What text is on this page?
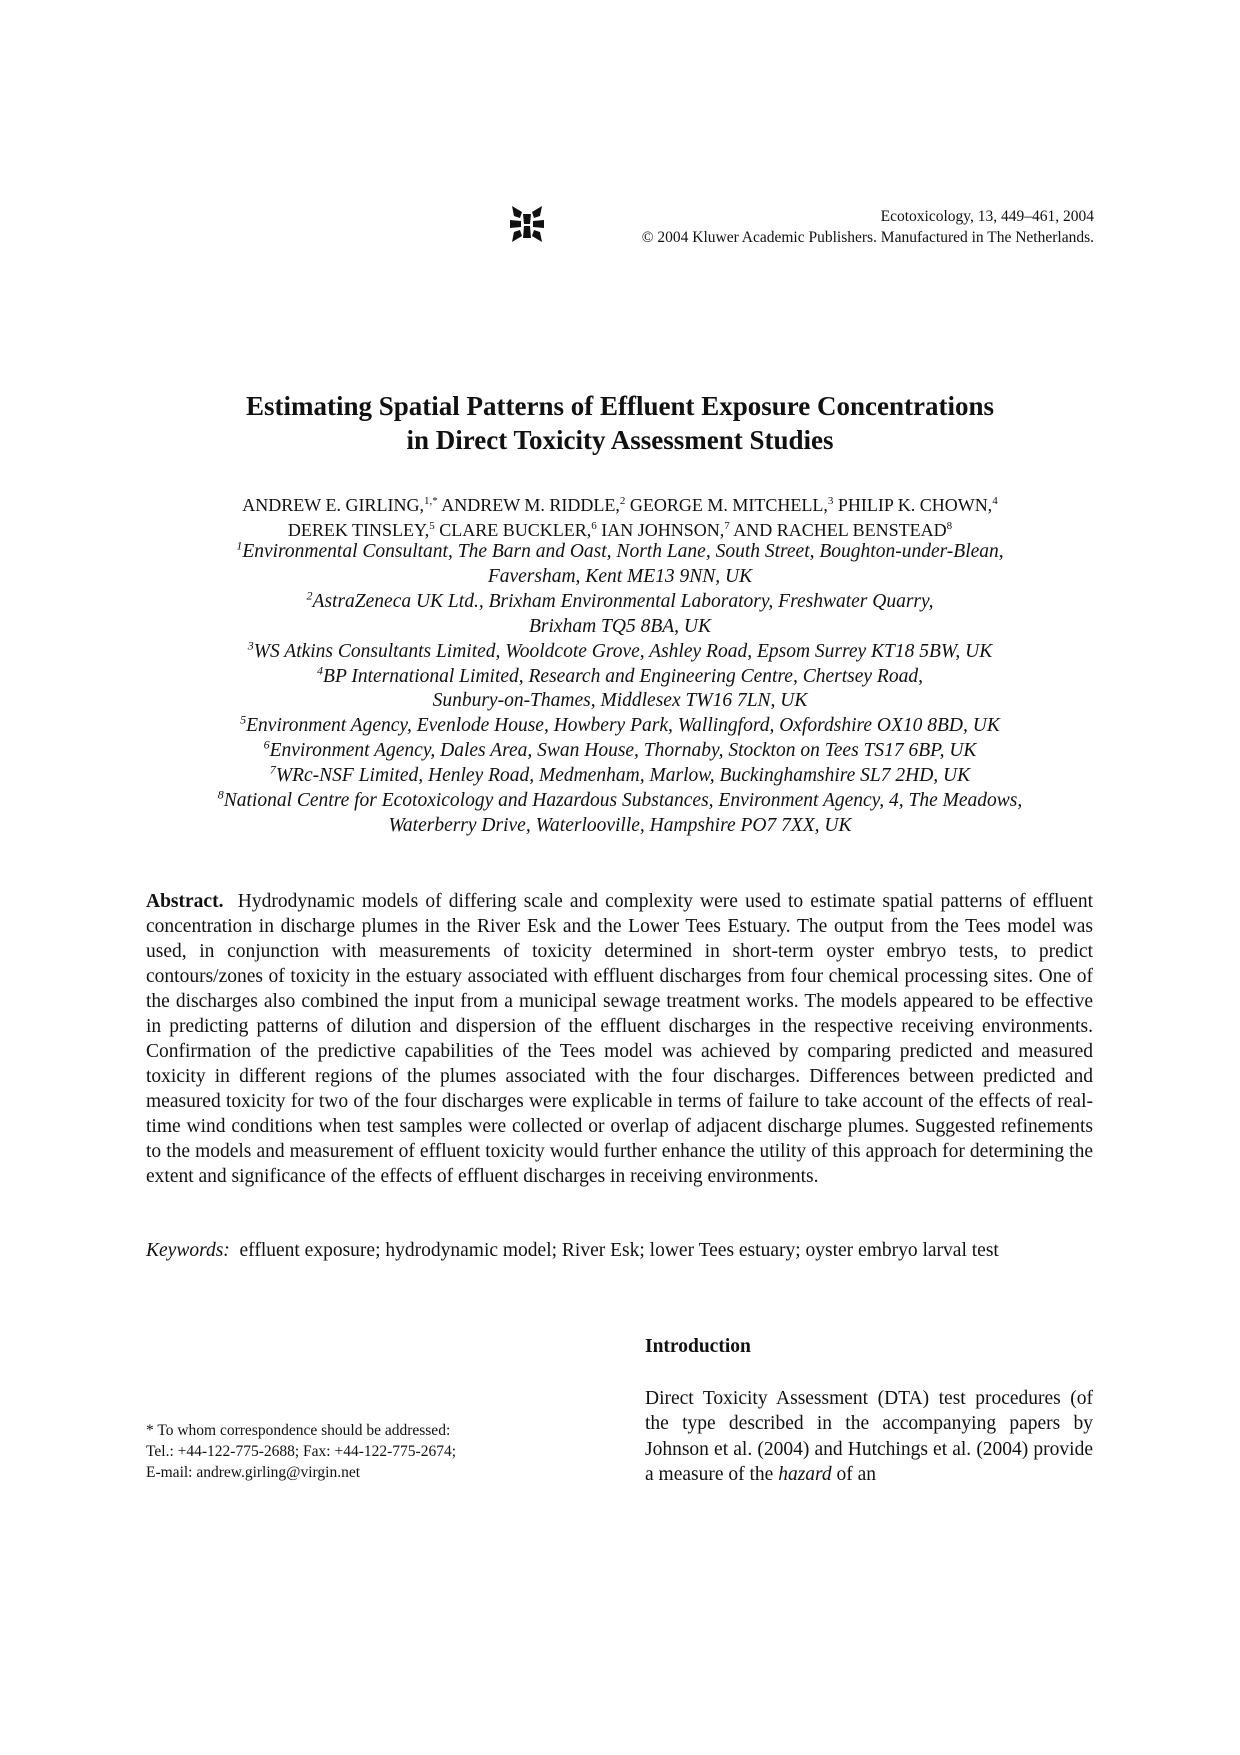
Ecotoxicology, 13, 449–461, 2004
© 2004 Kluwer Academic Publishers. Manufactured in The Netherlands.
Estimating Spatial Patterns of Effluent Exposure Concentrations
in Direct Toxicity Assessment Studies
ANDREW E. GIRLING,$^{1,*}$ ANDREW M. RIDDLE,$^2$ GEORGE M. MITCHELL,$^3$ PHILIP K. CHOWN,$^4$
DEREK TINSLEY,$^5$ CLARE BUCKLER,$^6$ IAN JOHNSON,$^7$ AND RACHEL BENSTEAD$^8$
$^1$Environmental Consultant, The Barn and Oast, North Lane, South Street, Boughton-under-Blean,
Faversham, Kent ME13 9NN, UK
$^2$AstraZeneca UK Ltd., Brixham Environmental Laboratory, Freshwater Quarry,
Brixham TQ5 8BA, UK
$^3$WS Atkins Consultants Limited, Wooldcote Grove, Ashley Road, Epsom Surrey KT18 5BW, UK
$^4$BP International Limited, Research and Engineering Centre, Chertsey Road,
Sunbury-on-Thames, Middlesex TW16 7LN, UK
$^5$Environment Agency, Evenlode House, Howbery Park, Wallingford, Oxfordshire OX10 8BD, UK
$^6$Environment Agency, Dales Area, Swan House, Thornaby, Stockton on Tees TS17 6BP, UK
$^7$WRc-NSF Limited, Henley Road, Medmenham, Marlow, Buckinghamshire SL7 2HD, UK
$^8$National Centre for Ecotoxicology and Hazardous Substances, Environment Agency, 4, The Meadows,
Waterberry Drive, Waterlooville, Hampshire PO7 7XX, UK
Abstract. Hydrodynamic models of differing scale and complexity were used to estimate spatial patterns of effluent concentration in discharge plumes in the River Esk and the Lower Tees Estuary. The output from the Tees model was used, in conjunction with measurements of toxicity determined in short-term oyster embryo tests, to predict contours/zones of toxicity in the estuary associated with effluent discharges from four chemical processing sites. One of the discharges also combined the input from a municipal sewage treatment works. The models appeared to be effective in predicting patterns of dilution and dispersion of the effluent discharges in the respective receiving environments. Confirmation of the predictive capabilities of the Tees model was achieved by comparing predicted and measured toxicity in different regions of the plumes associated with the four discharges. Differences between predicted and measured toxicity for two of the four discharges were explicable in terms of failure to take account of the effects of real-time wind conditions when test samples were collected or overlap of adjacent discharge plumes. Suggested refinements to the models and measurement of effluent toxicity would further enhance the utility of this approach for determining the extent and significance of the effects of effluent discharges in receiving environments.
Keywords: effluent exposure; hydrodynamic model; River Esk; lower Tees estuary; oyster embryo larval test
Introduction
Direct Toxicity Assessment (DTA) test procedures (of the type described in the accompanying papers by Johnson et al. (2004) and Hutchings et al. (2004) provide a measure of the hazard of an
* To whom correspondence should be addressed:
Tel.: +44-122-775-2688; Fax: +44-122-775-2674;
E-mail: andrew.girling@virgin.net
